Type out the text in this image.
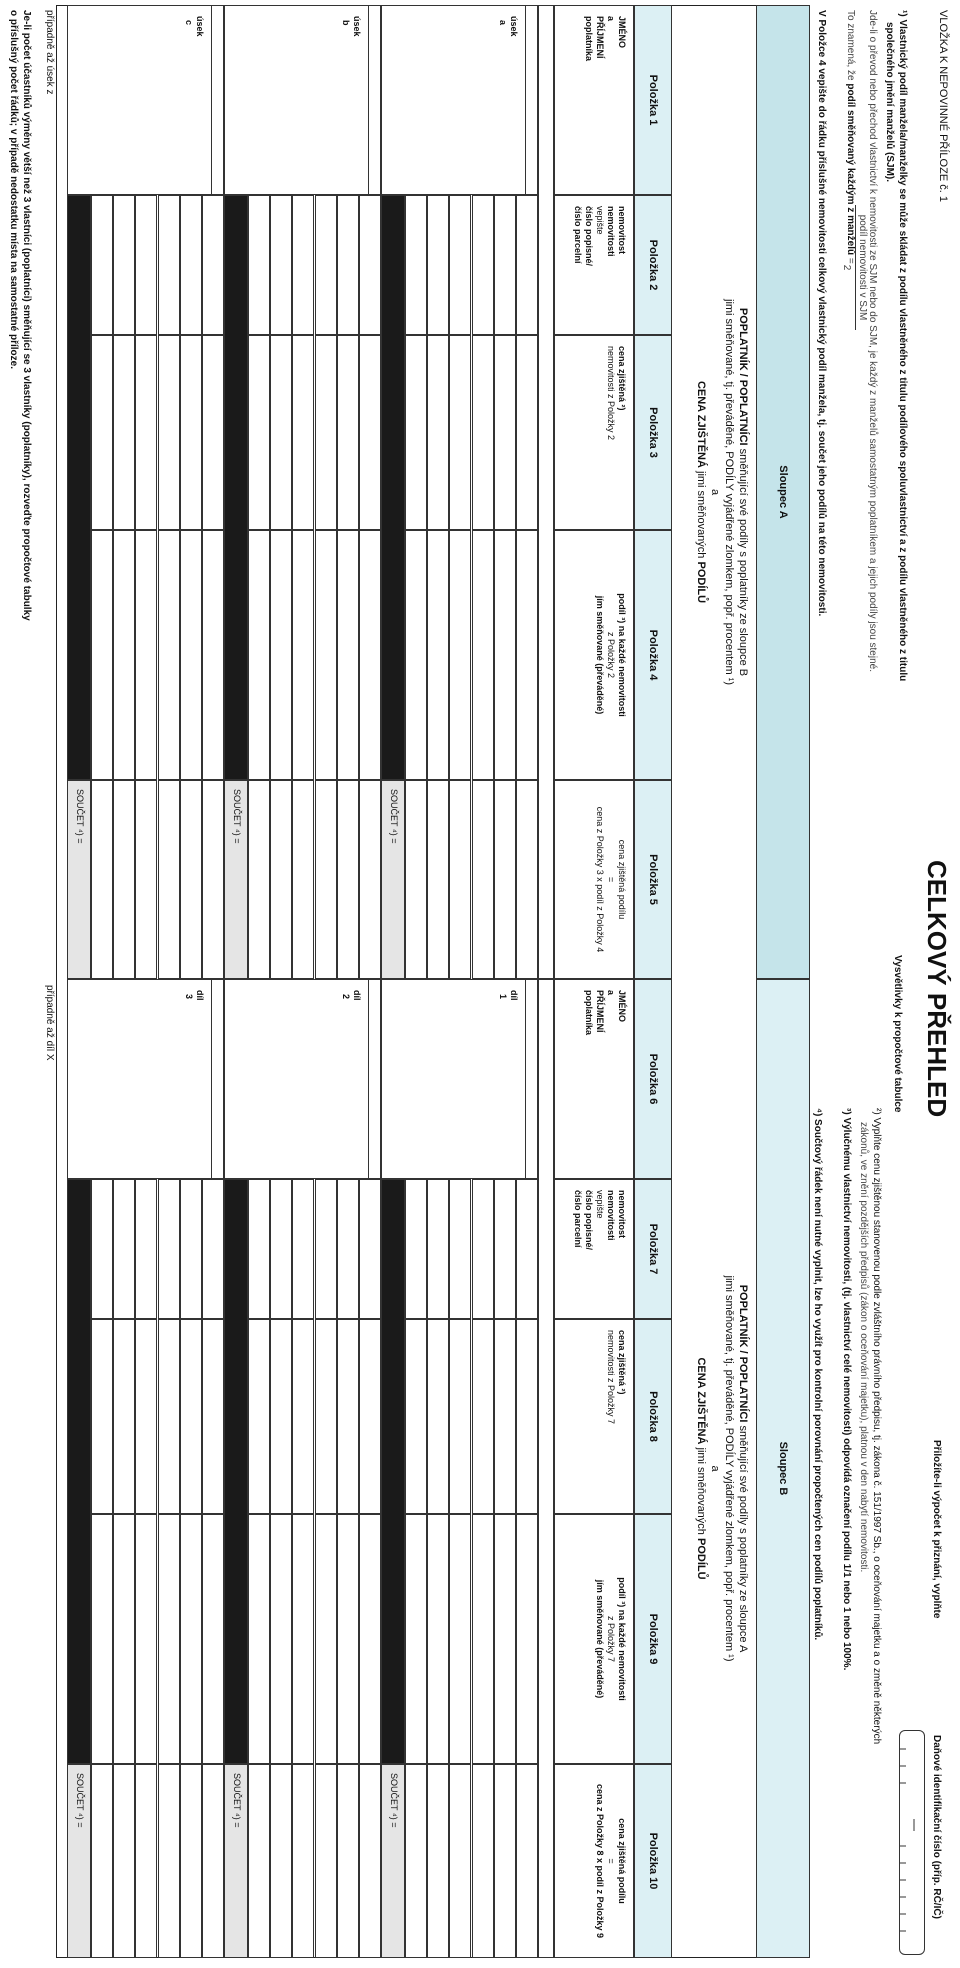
VLOŽKA K NEPOVINNÉ PŘÍLOZE č. 1
CELKOVÝ PŘEHLED
Přiložíte-li výpočet k přiznání, vyplňte
Daňové identifikační číslo (příp. RČ/IČ)
¹) Vlastnický podíl manžela/manželky se může skládat z podílu vlastněného z titulu podílového spoluvlastnictví a z podílu vlastněného z titulu
společného jmění manželů (SJM).
Jde-li o převod nebo přechod vlastnictví k nemovitosti ze SJM nebo do SJM, je každý z manželů samostatným poplatníkem a jejich podíly jsou stejné.
To znamená, že podíl směňovaný každým z manželů = podíl nemovitosti v SJM
2
V Položce 4 vepište do řádku příslušné nemovitosti celkový vlastnický podíl manžela, tj. součet jeho podílů na této nemovitosti.
Vysvětlivky k propočtové tabulce
²) Vyplňte cenu zjištěnou stanovenou podle zvláštního právního předpisu, tj. zákona č. 151/1997 Sb., o oceňování majetku a o změně některých
zákonů, ve znění pozdějších předpisů (zákon o oceňování majetku), platnou v den nabytí nemovitosti.
³) Výlučnému vlastnictví nemovitosti, (tj. vlastnictví celé nemovitosti) odpovídá označení podílu 1/1 nebo 1 nebo 100%.
⁴) Součtový řádek není nutné vyplnit, lze ho využít pro kontrolní porovnání propočtených cen podílů poplatníků.
Sloupec A
Sloupec B
POPLATNÍK / POPLATNÍCI směňující své podíly s poplatníky ze sloupce B
jimi směňované, tj. převáděné, PODÍLY vyjádřené zlomkem, popř. procentem ¹)
a
CENA ZJIŠTĚNÁ jimi směňovaných PODÍLŮ
POPLATNÍK / POPLATNÍCI směňující své podíly s poplatníky ze sloupce A
jimi směňované, tj. převáděné, PODÍLY vyjádřené zlomkem, popř. procentem ¹)
a
CENA ZJIŠTĚNÁ jimi směňovaných PODÍLŮ
Položka 1
Položka 2
Položka 3
Položka 4
Položka 5
Položka 6
Položka 7
Položka 8
Položka 9
Položka 10
JMÉNO
a
PŘÍJMENÍ
poplatníka
nemovitost
nemovitosti
vepište
číslo popisné/
číslo parcelní
cena zjištěná ²)
nemovitosti z Položky 2
podíl ³) na každé nemovitosti
z Položky 2
jím směňované (převáděné)
cena zjištěná podílu
=
cena z Položky 3 x podíl z Položky 4
JMÉNO
a
PŘÍJMENÍ
poplatníka
nemovitost
nemovitosti
vepište
číslo popisné/
číslo parcelní
cena zjištěná ²)
nemovitosti z Položky 7
podíl ³) na každé nemovitosti
z Položky 7
jím směňované (převáděné)
cena zjištěná podílu
=
cena z Položky 8 x podíl z Položky 9
úsek
a
SOUČET ⁴) =
díl
1
SOUČET ⁴) =
úsek
b
SOUČET ⁴) =
díl
2
SOUČET ⁴) =
úsek
c
SOUČET ⁴) =
díl
3
SOUČET ⁴) =
případně až úsek z
případně až díl X
Je-li počet účastníků výměny větší než 3 vlastníci (poplatníci) směňující se 3 vlastníky (poplatníky), rozveďte propočtové tabulky
o příslušný počet řádků; v případě nedostatku místa na samostatné příloze.
